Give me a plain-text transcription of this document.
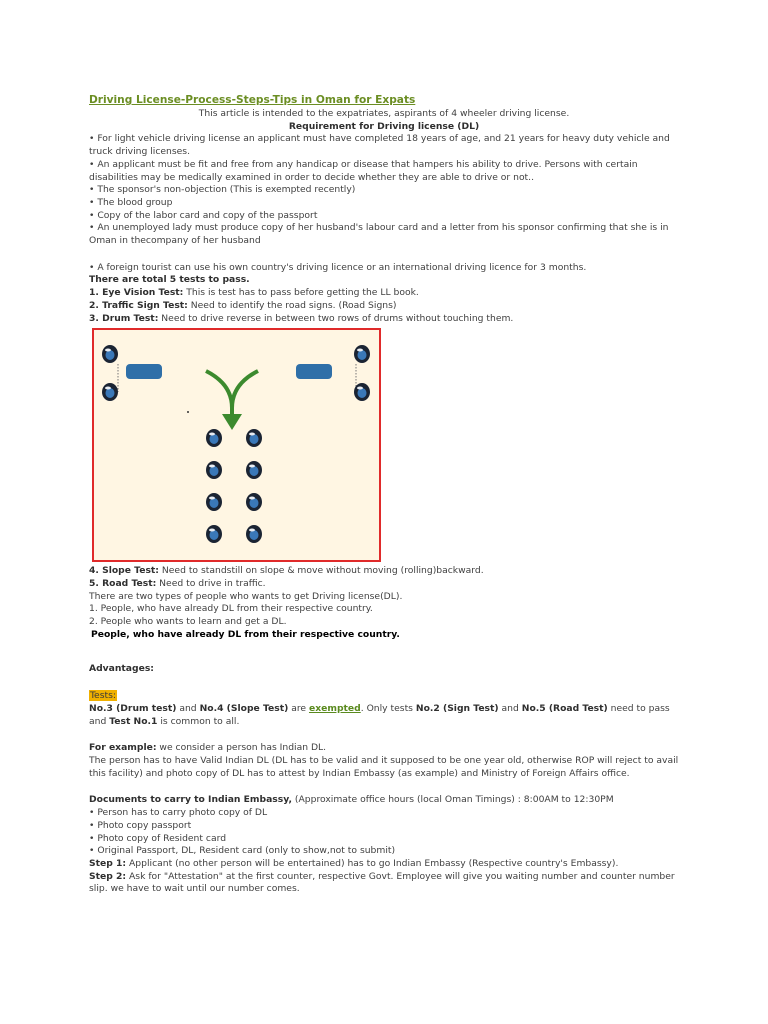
Driving License-Process-Steps-Tips in Oman for Expats
This article is intended to the expatriates, aspirants of 4 wheeler driving license.
Requirement for Driving license (DL)
• For light vehicle driving license an applicant must have completed 18 years of age, and 21 years for heavy duty vehicle and truck driving licenses.
• An applicant must be fit and free from any handicap or disease that hampers his ability to drive. Persons with certain disabilities may be medically examined in order to decide whether they are able to drive or not..
• The sponsor's non-objection (This is exempted recently)
• The blood group
• Copy of the labor card and copy of the passport
• An unemployed lady must produce copy of her husband's labour card and a letter from his sponsor confirming that she is in Oman in thecompany of her husband
• A foreign tourist can use his own country's driving licence or an international driving licence for 3 months.
There are total 5 tests to pass.
1. Eye Vision Test: This is test has to pass before getting the LL book.
2. Traffic Sign Test: Need to identify the road signs. (Road Signs)
3. Drum Test: Need to drive reverse in between two rows of drums without touching them.
4. Slope Test: Need to standstill on slope & move without moving (rolling)backward.
5. Road Test: Need to drive in traffic.
There are two types of people who wants to get Driving license(DL).
1. People, who have already DL from their respective country.
2. People who wants to learn and get a DL.
People, who have already DL from their respective country.
Advantages:
Tests:
No.3 (Drum test) and No.4 (Slope Test) are exempted. Only tests No.2 (Sign Test) and No.5 (Road Test) need to pass
and Test No.1 is common to all.
For example: we consider a person has Indian DL.
The person has to have Valid Indian DL (DL has to be valid and it supposed to be one year old, otherwise ROP will reject to avail this facility) and photo copy of DL has to attest by Indian Embassy (as example) and Ministry of Foreign Affairs office.
Documents to carry to Indian Embassy, (Approximate office hours (local Oman Timings) : 8:00AM to 12:30PM
• Person has to carry photo copy of DL
• Photo copy passport
• Photo copy of Resident card
• Original Passport, DL, Resident card (only to show,not to submit)
Step 1: Applicant (no other person will be entertained) has to go Indian Embassy (Respective country's Embassy).
Step 2: Ask for "Attestation" at the first counter, respective Govt. Employee will give you waiting number and counter number slip. we have to wait until our number comes.
